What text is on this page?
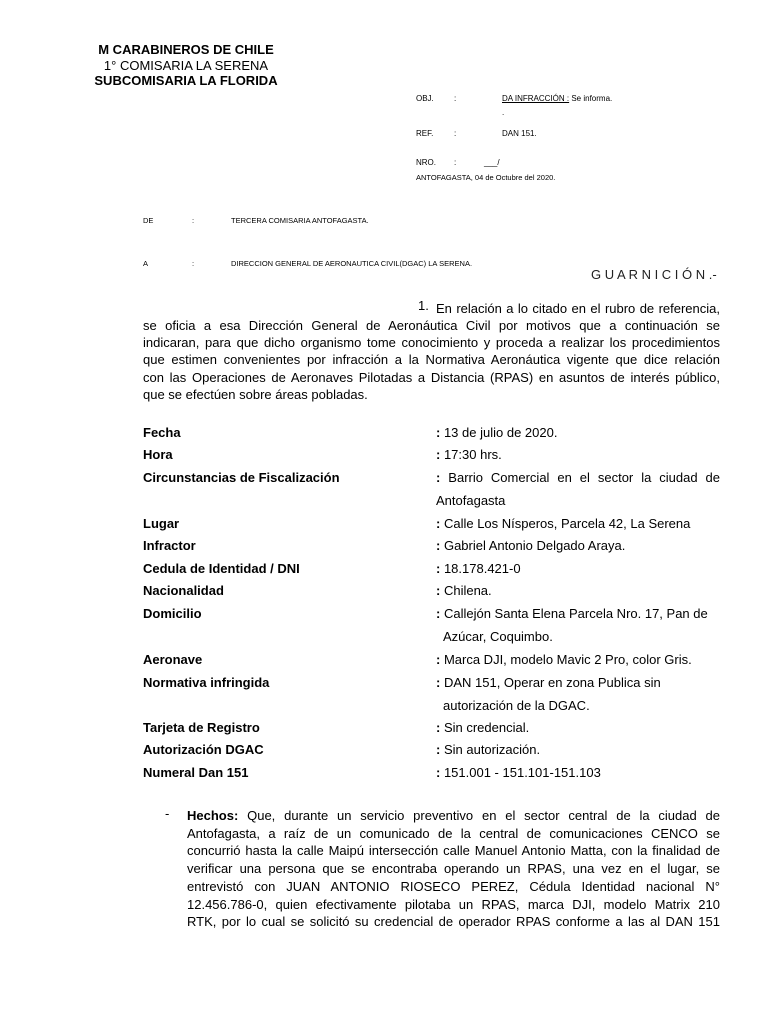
M CARABINEROS DE CHILE
1° COMISARIA LA SERENA
SUBCOMISARIA LA FLORIDA
OBJ.	:	DA INFRACCIÓN : Se informa.
.
REF.	:	DAN 151.
NRO. :	___/
ANTOFAGASTA, 04 de Octubre del 2020.
DE	:	TERCERA COMISARIA ANTOFAGASTA.
A	:	DIRECCION GENERAL DE AERONAUTICA CIVIL(DGAC) LA SERENA.
G U A R N I C I Ó N .-
1. En relación a lo citado en el rubro de referencia,
se oficia a esa Dirección General de Aeronáutica Civil por motivos que a continuación se
indicaran, para que dicho organismo tome conocimiento y proceda a realizar los procedimientos
que estimen convenientes por infracción a la Normativa Aeronáutica vigente que dice relación
con las Operaciones de Aeronaves Pilotadas a Distancia (RPAS) en asuntos de interés público,
que se efectúen sobre áreas pobladas.
Fecha	: 13 de julio de 2020.
Hora	: 17:30 hrs.
Circunstancias de Fiscalización	: Barrio Comercial en el sector la ciudad de
Antofagasta
Lugar	: Calle Los Nísperos, Parcela 42, La Serena
Infractor	: Gabriel Antonio Delgado Araya.
Cedula de Identidad / DNI	: 18.178.421-0
Nacionalidad	: Chilena.
Domicilio	: Callejón Santa Elena Parcela Nro. 17, Pan de
Azúcar, Coquimbo.
Aeronave	: Marca DJI, modelo Mavic 2 Pro, color Gris.
Normativa infringida	: DAN 151, Operar en zona Publica sin
autorización de la DGAC.
Tarjeta de Registro	: Sin credencial.
Autorización DGAC	: Sin autorización.
Numeral Dan 151	: 151.001 - 151.101-151.103
- Hechos: Que, durante un servicio preventivo en el sector central de la ciudad de
Antofagasta, a raíz de un comunicado de la central de comunicaciones CENCO se
concurrió hasta la calle Maipú intersección calle Manuel Antonio Matta, con la finalidad de
verificar una persona que se encontraba operando un RPAS, una vez en el lugar, se
entrevistó con JUAN ANTONIO RIOSECO PEREZ, Cédula Identidad nacional N°
12.456.786-0, quien efectivamente pilotaba un RPAS, marca DJI, modelo Matrix 210
RTK, por lo cual se solicitó su credencial de operador RPAS conforme a las al DAN 151
